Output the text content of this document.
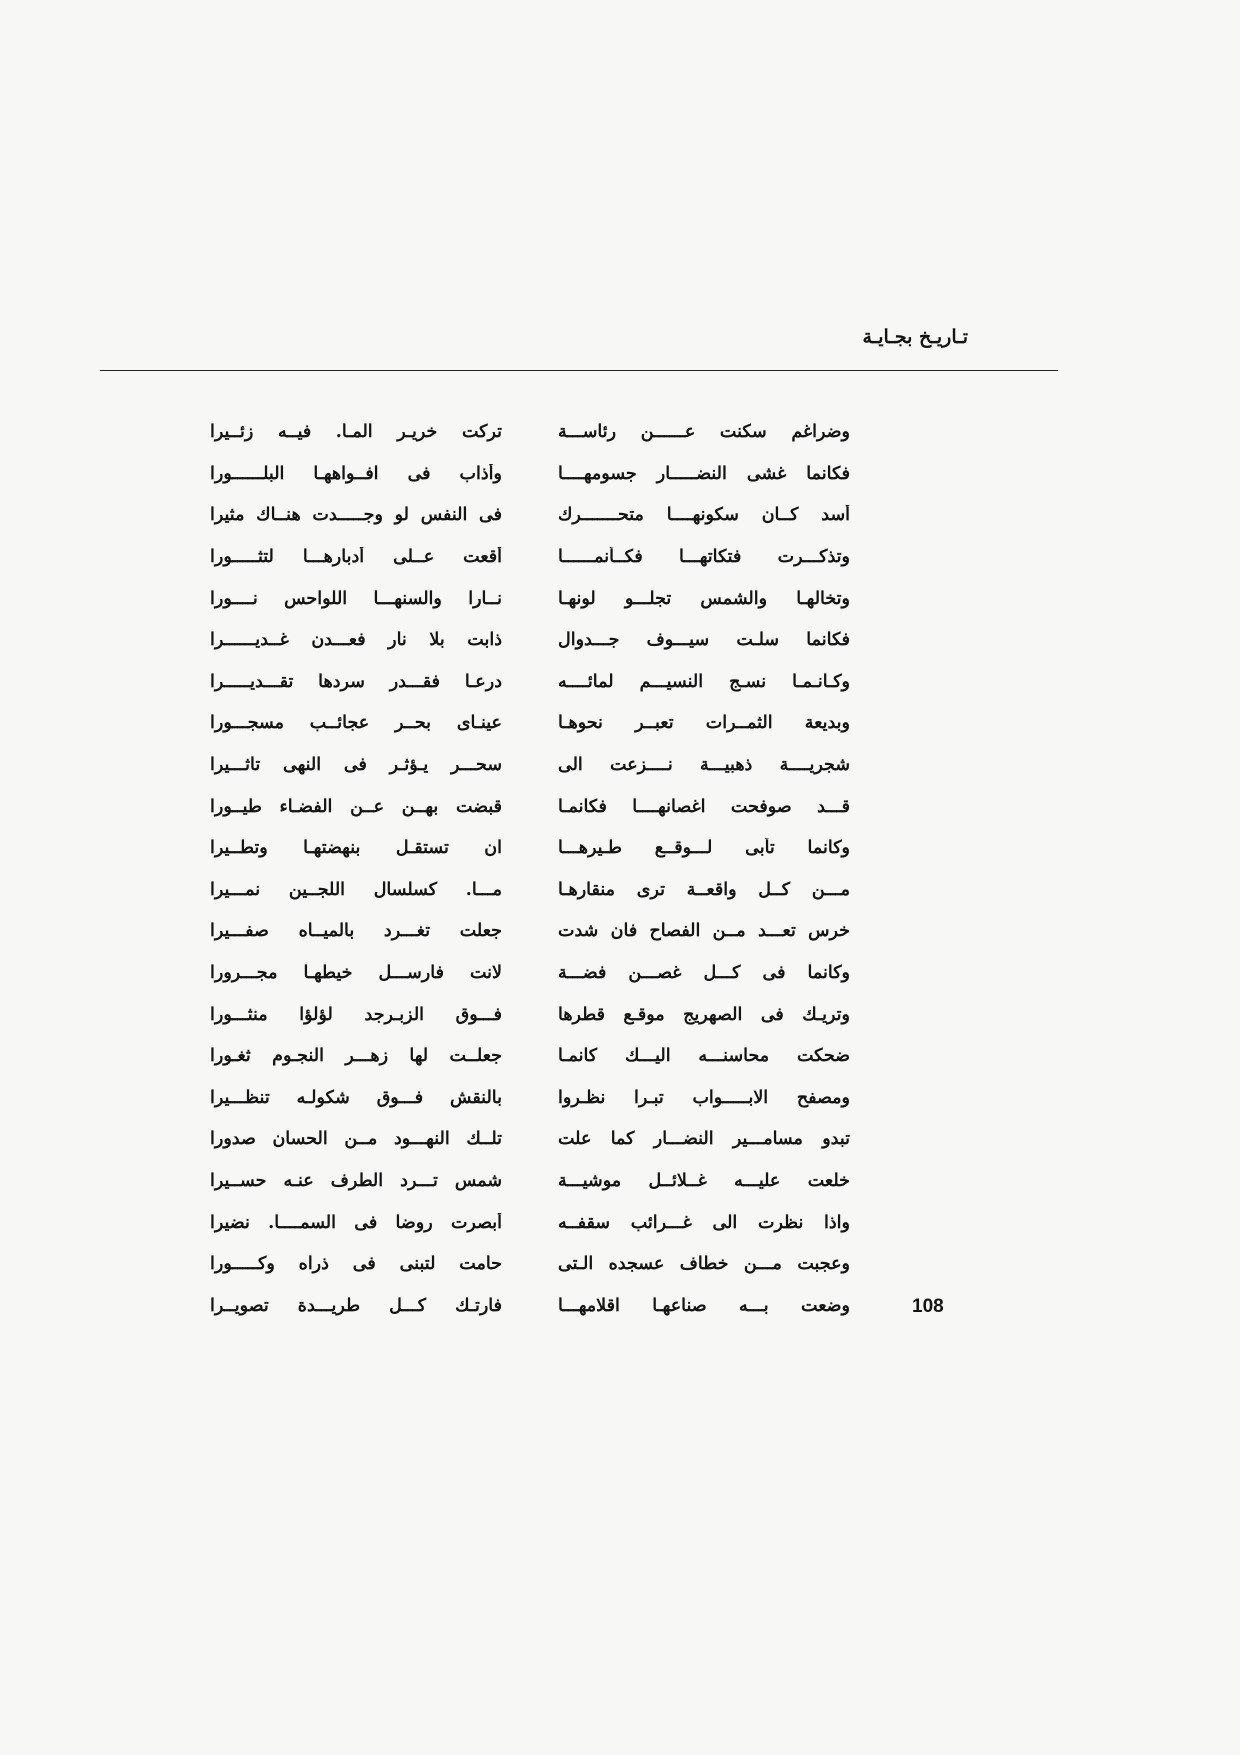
تـاريـخ بجـايـة
وضراغم سكنت عــــــن رئاســـة
تركت خريـر المـا. فيــه زئــيرا
فكانما غشى النضـــــار جسومهــــا
وأذاب فى افــواههـا البلــــــورا
أسد كــان سكونهــــا متحـــــــرك
فى النفس لو وجـــــدت هنــاك مثيرا
وتذكـــرت فتكاتهـــا فكــأنمــــــا
أقعت عــلى أدبارهـــا لتثـــــورا
وتخالهـا والشمس تجلـــو لونهـا
نــارا والسنهـــا اللواحس نــــورا
فكانما سلـت سيـــوف جـــدوال
ذابت بلا نار فعـــدن غــديــــــرا
وكـانـمـا نسـج النسيـــم لمائــــه
درعـا فقـــدر سردها تقـــديـــــرا
وبديعة الثمــرات تعبــر نحوهـا
عينـاى بحــر عجائــب مسجـــورا
شجريــــة ذهبيـــة نــــزعت الى
سحـــر يـؤثـر فى النهى تاثـــيرا
قـــد صوفحت اغصانهــــا فكانمـا
قبضت بهــن عــن الفضـاء طيــورا
وكانما تأبى لـــوقــع طـيرهـــا
ان تستقـل بنهضتهـا وتطــيرا
مـــن كــل واقعــة ترى منقارهـا
مـــا. كسلسال اللجــين نمـــيرا
خرس تعـــد مــن الفصاح فان شدت
جعلت تغـــرد بالميــاه صفـــيرا
وكانما فى كـــل غصـــن فضـــة
لانت فارســـل خيطهـا مجـــرورا
وتريـك فى الصهريج موقـع قطرها
فـــوق الزبـرجد لؤلؤا منثـــورا
ضحكت محاسنـــه اليـــك كانمـا
جعلــت لها زهـــر النجـوم ثغـورا
ومصفح الابـــــواب تبـرا نظـروا
بالنقش فـــوق شكولـه تنظـــيرا
تبدو مسامـــير النضـــار كما علت
تلــك النهـــود مــن الحسان صدورا
خلعت عليـــه غــلائــل موشيـــة
شمس تـــرد الطرف عنـه حســيرا
واذا نظرت الى غـــرائب سقفــه
أبصرت روضا فى السمــــا. نضيرا
وعجبت مـــن خطاف عسجده الـتى
حامت لتبنى فى ذراه وكـــــورا
وضعت بـــه صناعهـا اقلامهـــا
فارتـك كـــل طريـــدة تصويــرا	108
